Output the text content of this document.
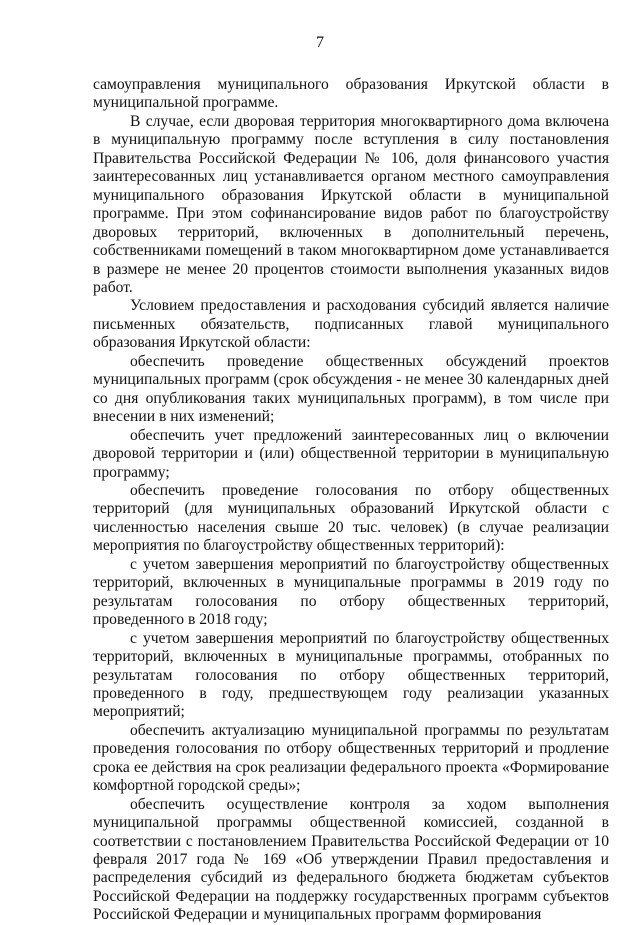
7

самоуправления муниципального образования Иркутской области в муниципальной программе.

В случае, если дворовая территория многоквартирного дома включена в муниципальную программу после вступления в силу постановления Правительства Российской Федерации № 106, доля финансового участия заинтересованных лиц устанавливается органом местного самоуправления муниципального образования Иркутской области в муниципальной программе. При этом софинансирование видов работ по благоустройству дворовых территорий, включенных в дополнительный перечень, собственниками помещений в таком многоквартирном доме устанавливается в размере не менее 20 процентов стоимости выполнения указанных видов работ.

Условием предоставления и расходования субсидий является наличие письменных обязательств, подписанных главой муниципального образования Иркутской области:

обеспечить проведение общественных обсуждений проектов муниципальных программ (срок обсуждения - не менее 30 календарных дней со дня опубликования таких муниципальных программ), в том числе при внесении в них изменений;

обеспечить учет предложений заинтересованных лиц о включении дворовой территории и (или) общественной территории в муниципальную программу;

обеспечить проведение голосования по отбору общественных территорий (для муниципальных образований Иркутской области с численностью населения свыше 20 тыс. человек) (в случае реализации мероприятия по благоустройству общественных территорий):

с учетом завершения мероприятий по благоустройству общественных территорий, включенных в муниципальные программы в 2019 году по результатам голосования по отбору общественных территорий, проведенного в 2018 году;

с учетом завершения мероприятий по благоустройству общественных территорий, включенных в муниципальные программы, отобранных по результатам голосования по отбору общественных территорий, проведенного в году, предшествующем году реализации указанных мероприятий;

обеспечить актуализацию муниципальной программы по результатам проведения голосования по отбору общественных территорий и продление срока ее действия на срок реализации федерального проекта «Формирование комфортной городской среды»;

обеспечить осуществление контроля за ходом выполнения муниципальной программы общественной комиссией, созданной в соответствии с постановлением Правительства Российской Федерации от 10 февраля 2017 года № 169 «Об утверждении Правил предоставления и распределения субсидий из федерального бюджета бюджетам субъектов Российской Федерации на поддержку государственных программ субъектов Российской Федерации и муниципальных программ формирования
